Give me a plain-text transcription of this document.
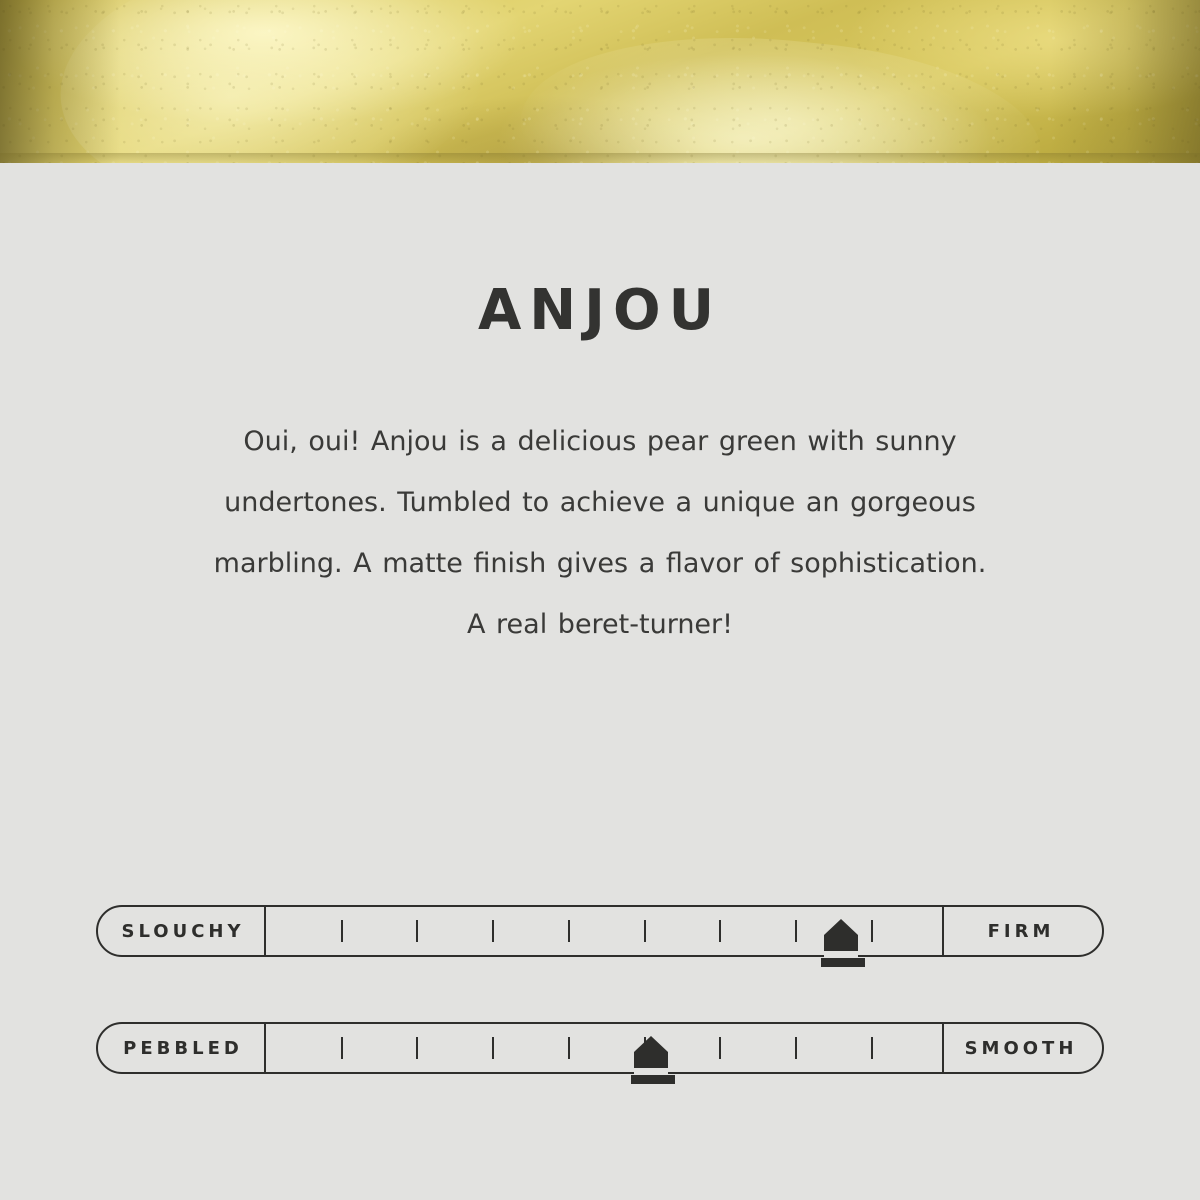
ANJOU

Oui, oui! Anjou is a delicious pear green with sunny

undertones. Tumbled to achieve a unique an gorgeous

marbling. A matte finish gives a flavor of sophistication.

A real beret-turner!

SLOUCHY	FIRM
PEBBLED	SMOOTH
